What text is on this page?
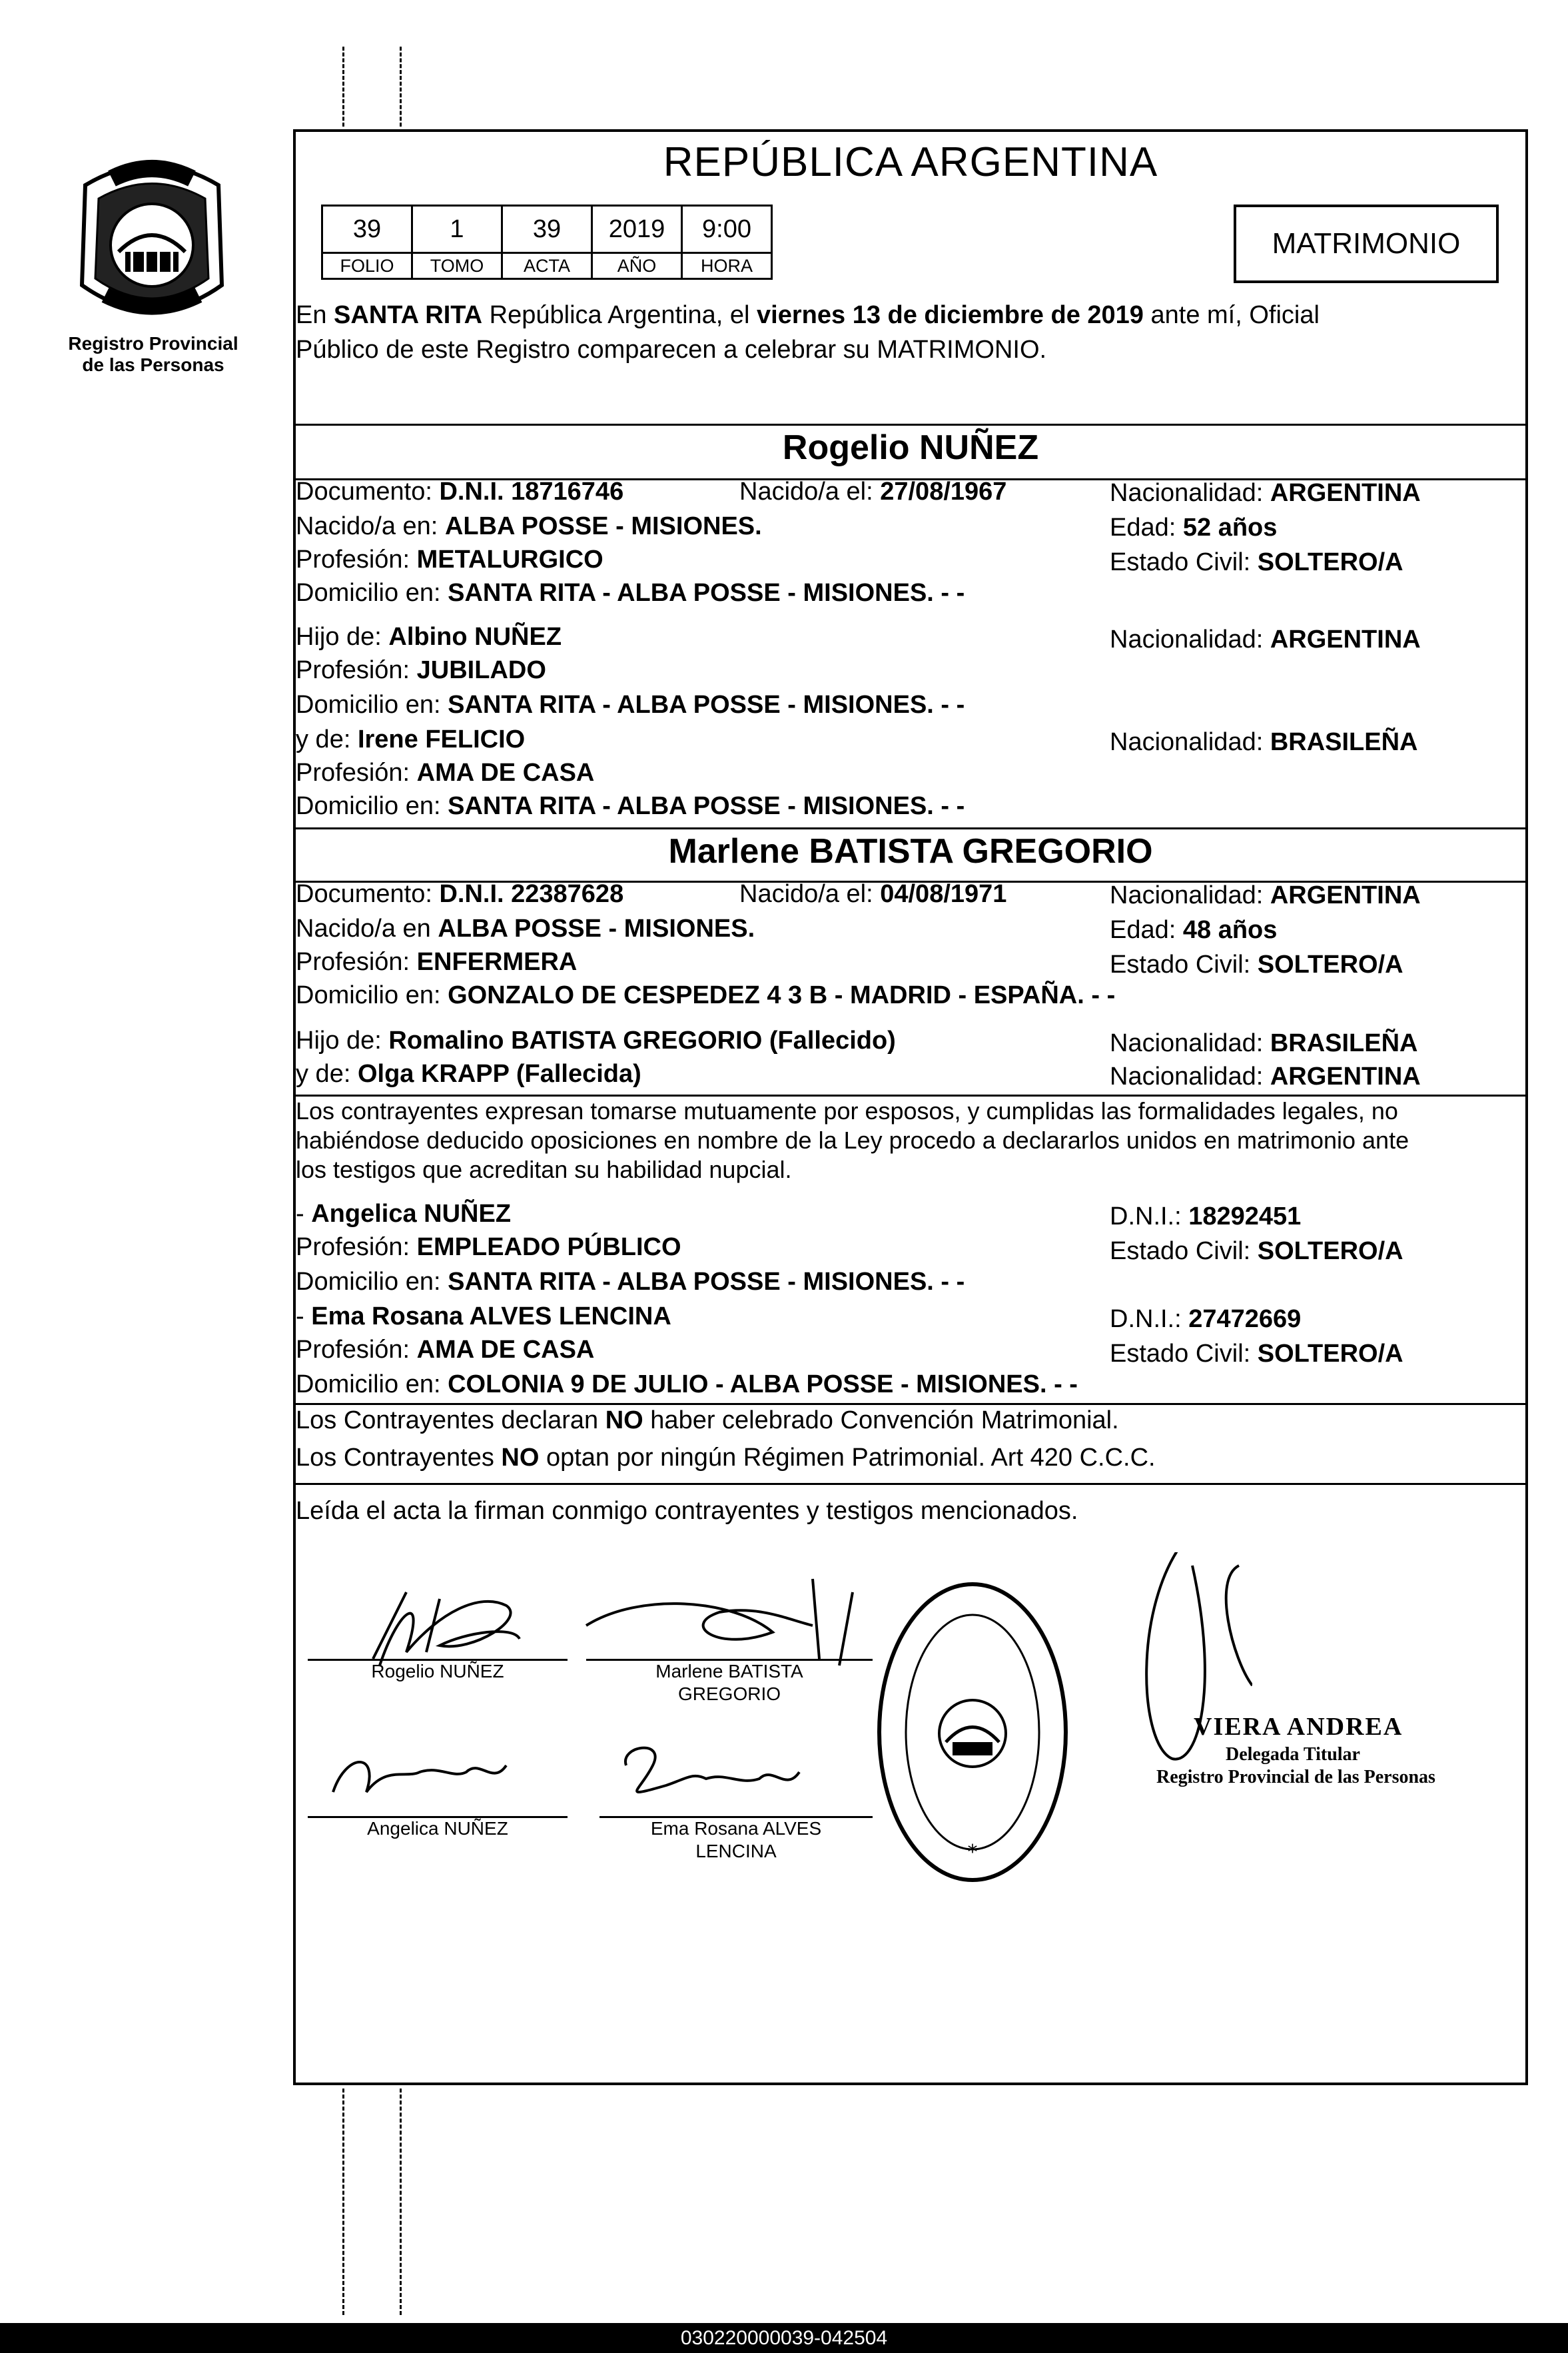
Registro Provincial
de las Personas
REPÚBLICA ARGENTINA
39	1	39	2019	9:00
FOLIO	TOMO	ACTA	AÑO	HORA
MATRIMONIO
En SANTA RITA República Argentina, el viernes 13 de diciembre de 2019 ante mí, Oficial
Público de este Registro comparecen a celebrar su MATRIMONIO.
Rogelio NUÑEZ
Documento: D.N.I. 18716746	Nacido/a el: 27/08/1967	Nacionalidad: ARGENTINA
Nacido/a en: ALBA POSSE - MISIONES.	Edad: 52 años
Profesión: METALURGICO	Estado Civil: SOLTERO/A
Domicilio en: SANTA RITA - ALBA POSSE - MISIONES. - -
Hijo de: Albino NUÑEZ	Nacionalidad: ARGENTINA
Profesión: JUBILADO
Domicilio en: SANTA RITA - ALBA POSSE - MISIONES. - -
y de: Irene FELICIO	Nacionalidad: BRASILEÑA
Profesión: AMA DE CASA
Domicilio en: SANTA RITA - ALBA POSSE - MISIONES. - -
Marlene BATISTA GREGORIO
Documento: D.N.I. 22387628	Nacido/a el: 04/08/1971	Nacionalidad: ARGENTINA
Nacido/a en ALBA POSSE - MISIONES.	Edad: 48 años
Profesión: ENFERMERA	Estado Civil: SOLTERO/A
Domicilio en: GONZALO DE CESPEDEZ 4 3 B - MADRID - ESPAÑA. - -
Hijo de: Romalino BATISTA GREGORIO (Fallecido)	Nacionalidad: BRASILEÑA
y de: Olga KRAPP (Fallecida)	Nacionalidad: ARGENTINA
Los contrayentes expresan tomarse mutuamente por esposos, y cumplidas las formalidades legales, no
habiéndose deducido oposiciones en nombre de la Ley procedo a declararlos unidos en matrimonio ante
los testigos que acreditan su habilidad nupcial.
- Angelica NUÑEZ	D.N.I.: 18292451
Profesión: EMPLEADO PÚBLICO	Estado Civil: SOLTERO/A
Domicilio en: SANTA RITA - ALBA POSSE - MISIONES. - -
- Ema Rosana ALVES LENCINA	D.N.I.: 27472669
Profesión: AMA DE CASA	Estado Civil: SOLTERO/A
Domicilio en: COLONIA 9 DE JULIO - ALBA POSSE - MISIONES. - -
Los Contrayentes declaran NO haber celebrado Convención Matrimonial.
Los Contrayentes NO optan por ningún Régimen Patrimonial. Art 420 C.C.C.
Leída el acta la firman conmigo contrayentes y testigos mencionados.
Rogelio NUÑEZ	Marlene BATISTA
GREGORIO
Angelica NUÑEZ	Ema Rosana ALVES
LENCINA	*
VIERA ANDREA
Delegada Titular
Registro Provincial de las Personas
030220000039-042504
